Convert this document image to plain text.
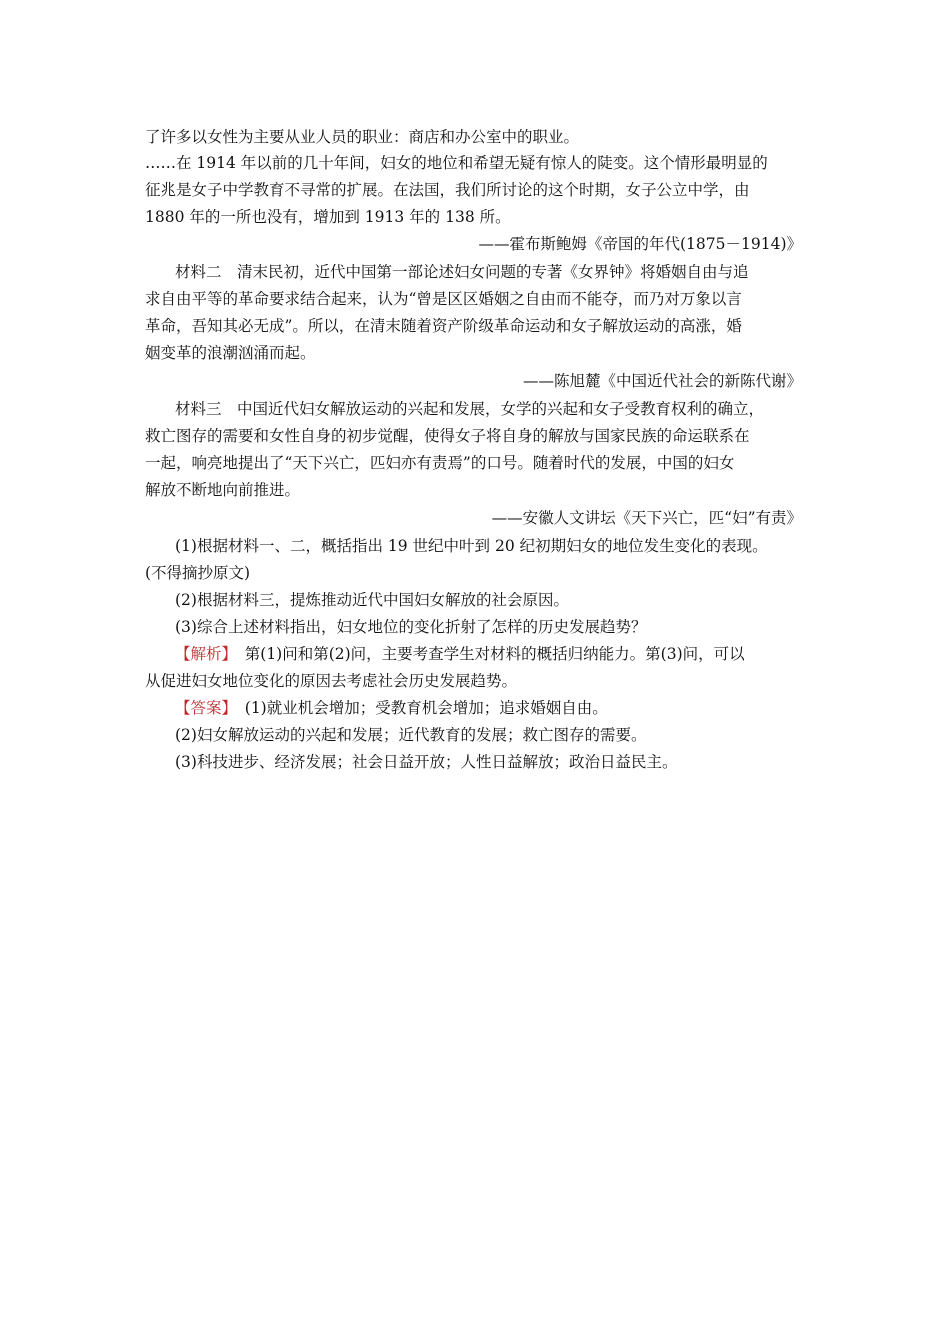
了许多以女性为主要从业人员的职业：商店和办公室中的职业。
……在 1914 年以前的几十年间，妇女的地位和希望无疑有惊人的陡变。这个情形最明显的
征兆是女子中学教育不寻常的扩展。在法国，我们所讨论的这个时期，女子公立中学，由
1880 年的一所也没有，增加到 1913 年的 138 所。
——霍布斯鲍姆《帝国的年代(1875－1914)》
材料二　清末民初，近代中国第一部论述妇女问题的专著《女界钟》将婚姻自由与追
求自由平等的革命要求结合起来，认为“曾是区区婚姻之自由而不能夺，而乃对万象以言
革命，吾知其必无成”。所以，在清末随着资产阶级革命运动和女子解放运动的高涨，婚
姻变革的浪潮汹涌而起。
——陈旭麓《中国近代社会的新陈代谢》
材料三　中国近代妇女解放运动的兴起和发展，女学的兴起和女子受教育权利的确立，
救亡图存的需要和女性自身的初步觉醒，使得女子将自身的解放与国家民族的命运联系在
一起，响亮地提出了“天下兴亡，匹妇亦有责焉”的口号。随着时代的发展，中国的妇女
解放不断地向前推进。
——安徽人文讲坛《天下兴亡，匹“妇”有责》
(1)根据材料一、二，概括指出 19 世纪中叶到 20 纪初期妇女的地位发生变化的表现。
(不得摘抄原文)
(2)根据材料三，提炼推动近代中国妇女解放的社会原因。
(3)综合上述材料指出，妇女地位的变化折射了怎样的历史发展趋势？
【解析】　第(1)问和第(2)问，主要考查学生对材料的概括归纳能力。第(3)问，可以
从促进妇女地位变化的原因去考虑社会历史发展趋势。
【答案】　(1)就业机会增加；受教育机会增加；追求婚姻自由。
(2)妇女解放运动的兴起和发展；近代教育的发展；救亡图存的需要。
(3)科技进步、经济发展；社会日益开放；人性日益解放；政治日益民主。
